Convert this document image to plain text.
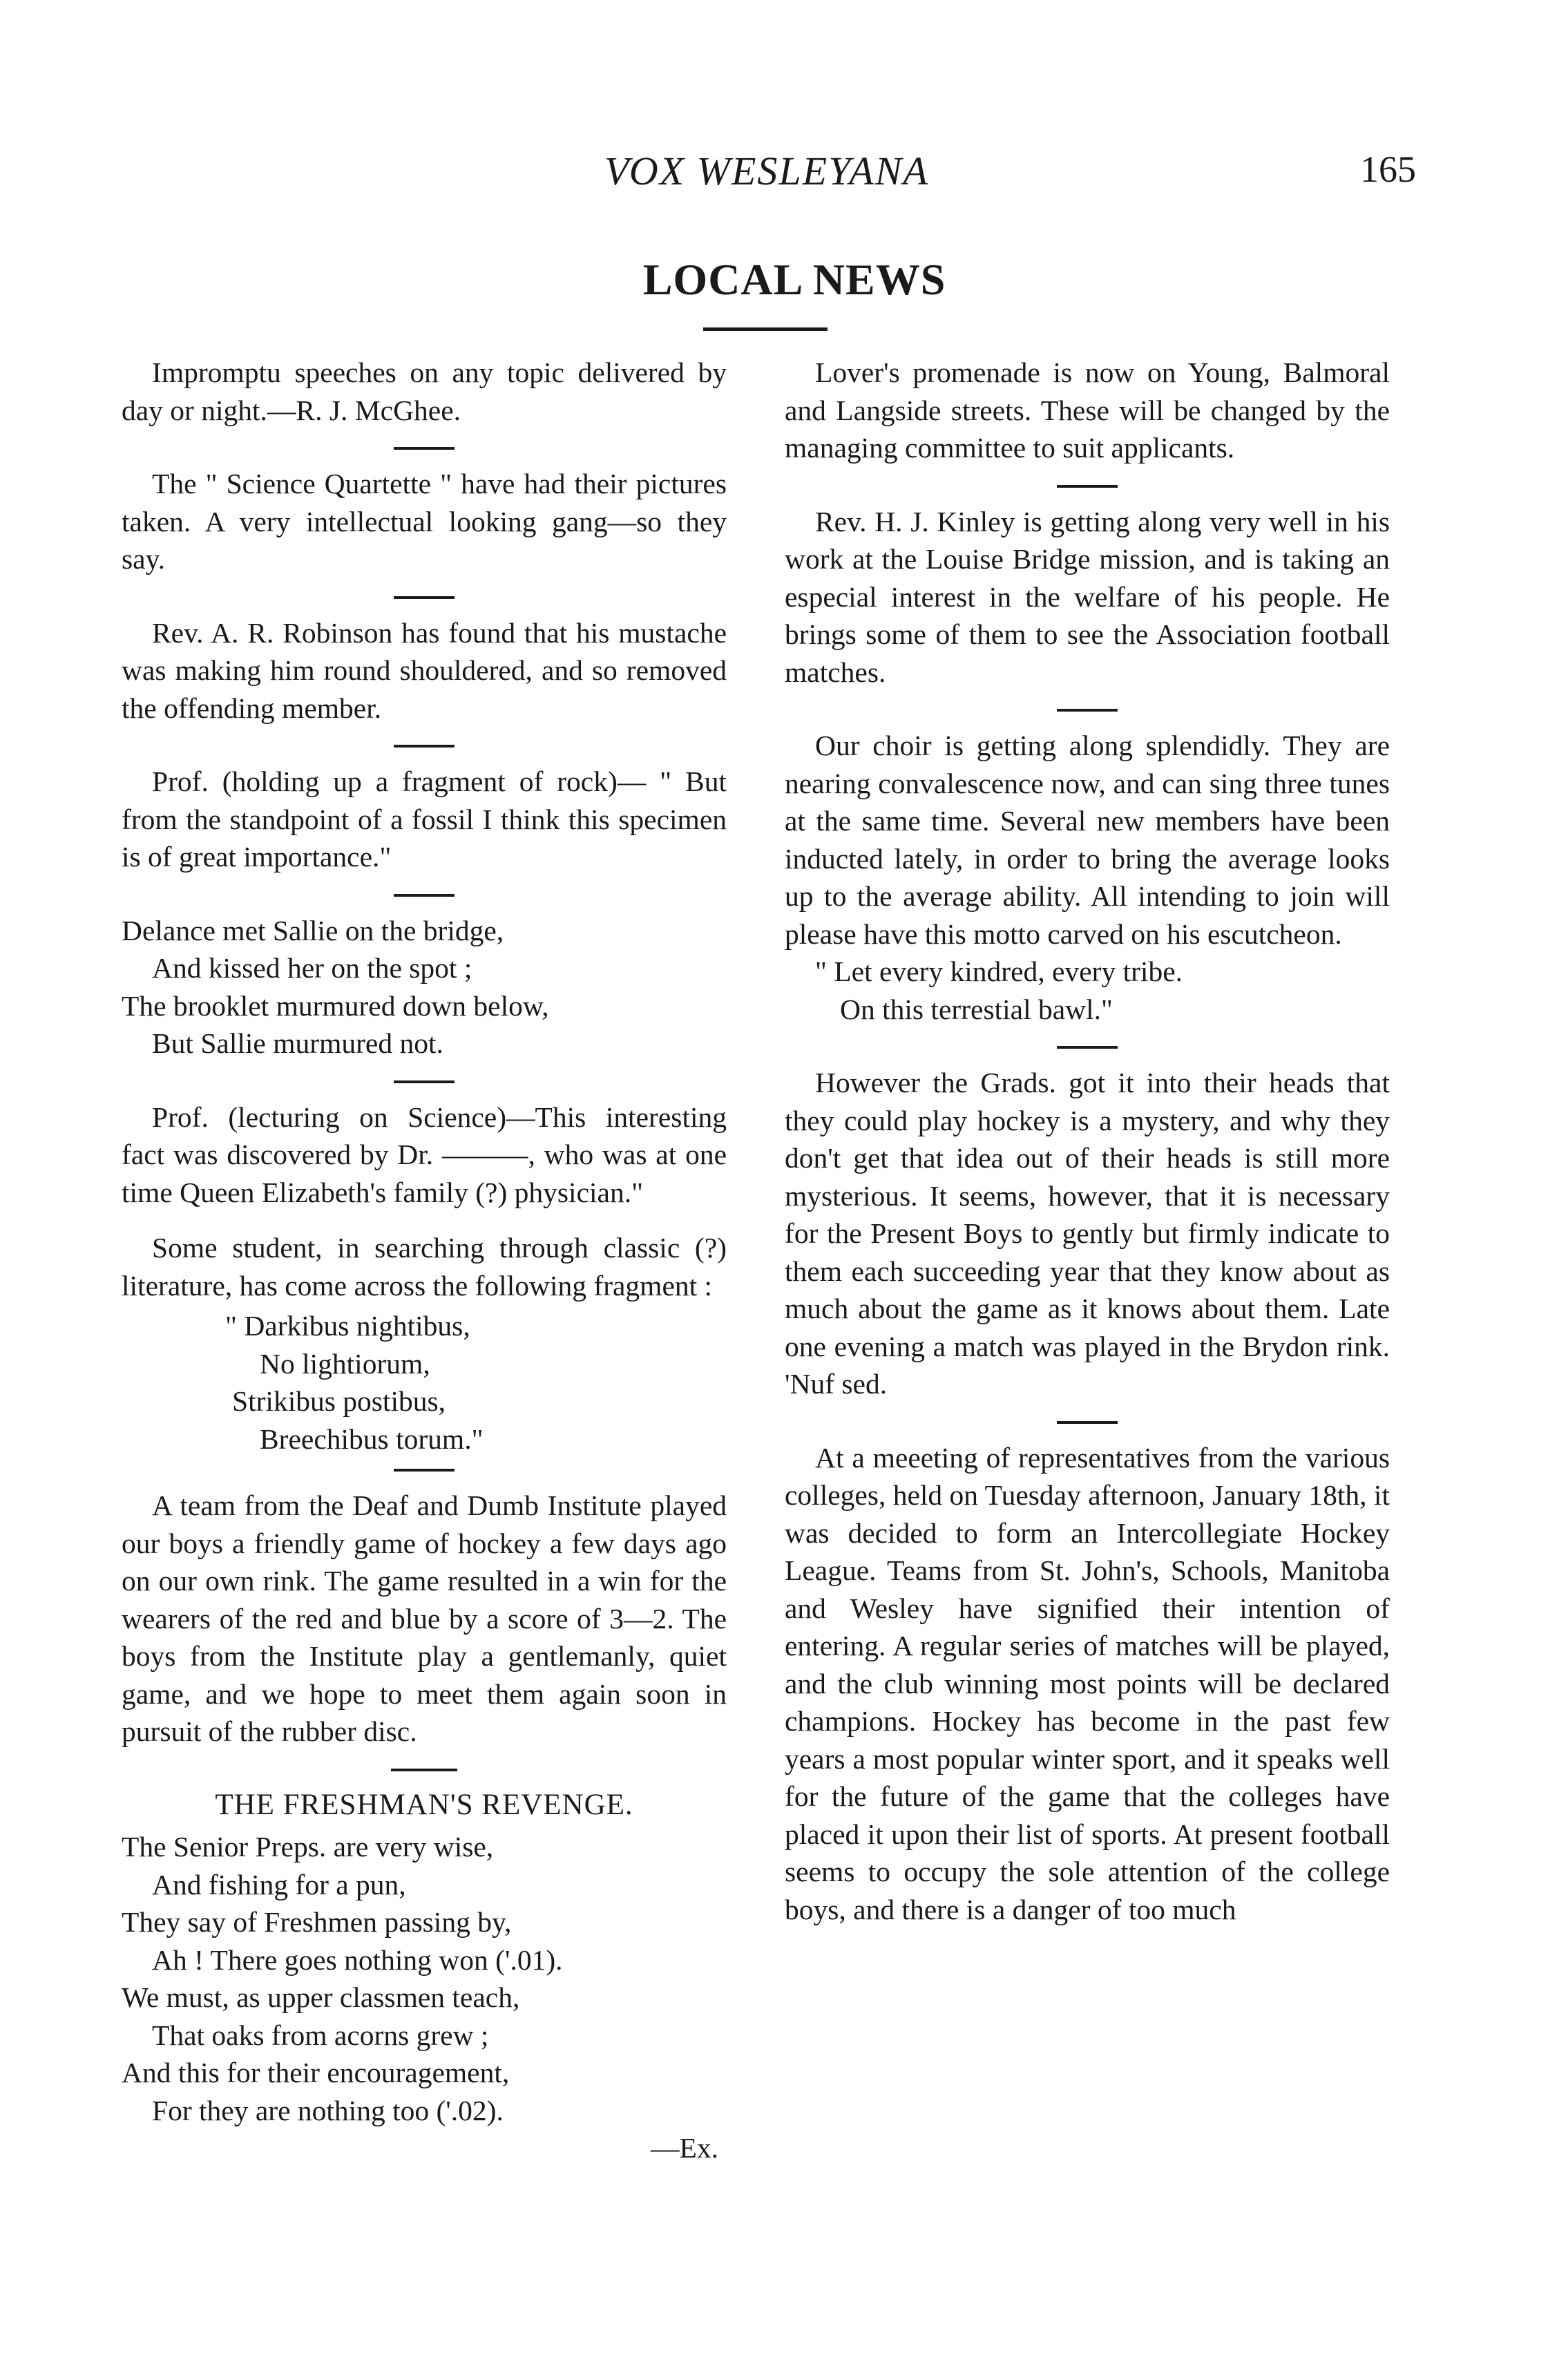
VOX WESLEYANA	165
LOCAL NEWS

Impromptu speeches on any topic delivered by day or night.—R. J. McGhee.

The " Science Quartette " have had their pictures taken. A very intellectual looking gang—so they say.

Rev. A. R. Robinson has found that his mustache was making him round shouldered, and so removed the offending member.

Prof. (holding up a fragment of rock)— " But from the standpoint of a fossil I think this specimen is of great importance."

Delance met Sallie on the bridge,
And kissed her on the spot ;
The brooklet murmured down below,
But Sallie murmured not.

Prof. (lecturing on Science)—This interesting fact was discovered by Dr. ———, who was at one time Queen Elizabeth's family (?) physician."

Some student, in searching through classic (?) literature, has come across the following fragment :

" Darkibus nightibus,
No lightiorum,
Strikibus postibus,
Breechibus torum."

A team from the Deaf and Dumb Institute played our boys a friendly game of hockey a few days ago on our own rink. The game resulted in a win for the wearers of the red and blue by a score of 3—2. The boys from the Institute play a gentlemanly, quiet game, and we hope to meet them again soon in pursuit of the rubber disc.

THE FRESHMAN'S REVENGE.
The Senior Preps. are very wise,
And fishing for a pun,
They say of Freshmen passing by,
Ah ! There goes nothing won ('.01).
We must, as upper classmen teach,
That oaks from acorns grew ;
And this for their encouragement,
For they are nothing too ('.02).
—Ex.

Lover's promenade is now on Young, Balmoral and Langside streets. These will be changed by the managing committee to suit applicants.

Rev. H. J. Kinley is getting along very well in his work at the Louise Bridge mission, and is taking an especial interest in the welfare of his people. He brings some of them to see the Association football matches.

Our choir is getting along splendidly. They are nearing convalescence now, and can sing three tunes at the same time. Several new members have been inducted lately, in order to bring the average looks up to the average ability. All intending to join will please have this motto carved on his escutcheon.

" Let every kindred, every tribe.
On this terrestial bawl."

However the Grads. got it into their heads that they could play hockey is a mystery, and why they don't get that idea out of their heads is still more mysterious. It seems, however, that it is necessary for the Present Boys to gently but firmly indicate to them each succeeding year that they know about as much about the game as it knows about them. Late one evening a match was played in the Brydon rink. 'Nuf sed.

At a meeeting of representatives from the various colleges, held on Tuesday afternoon, January 18th, it was decided to form an Intercollegiate Hockey League. Teams from St. John's, Schools, Manitoba and Wesley have signified their intention of entering. A regular series of matches will be played, and the club winning most points will be declared champions. Hockey has become in the past few years a most popular winter sport, and it speaks well for the future of the game that the colleges have placed it upon their list of sports. At present football seems to occupy the sole attention of the college boys, and there is a danger of too much
